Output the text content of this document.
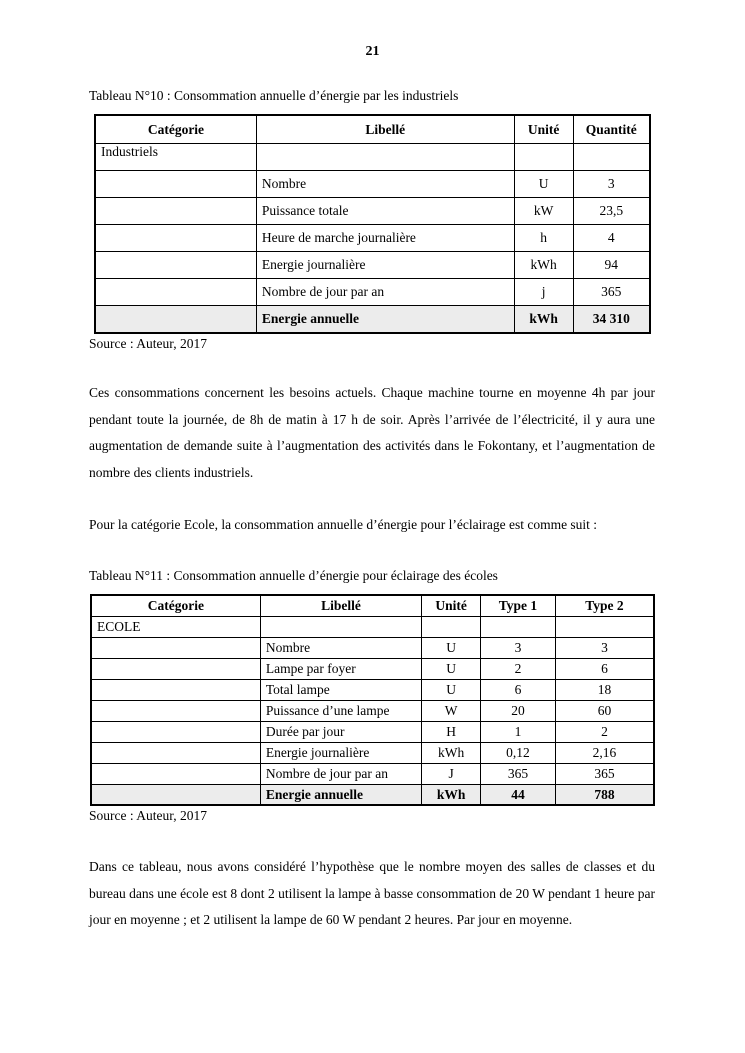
21
Tableau N°10 : Consommation annuelle d’énergie par les industriels
Catégorie	Libellé	Unité	Quantité
Industriels			
	Nombre	U	3
	Puissance totale	kW	23,5
	Heure de marche journalière	h	4
	Energie journalière	kWh	94
	Nombre de jour par an	j	365
	Energie annuelle	kWh	34 310
Source : Auteur, 2017

Ces consommations concernent les besoins actuels. Chaque machine tourne en moyenne 4h par jour pendant toute la journée, de 8h de matin à 17 h de soir. Après l’arrivée de l’électricité, il y aura une augmentation de demande suite à l’augmentation des activités dans le Fokontany, et l’augmentation de nombre des clients industriels.

Pour la catégorie Ecole, la consommation annuelle d’énergie pour l’éclairage est comme suit :

Tableau N°11 : Consommation annuelle d’énergie pour éclairage des écoles
Catégorie	Libellé	Unité	Type 1	Type 2
ECOLE				
	Nombre	U	3	3
	Lampe par foyer	U	2	6
	Total lampe	U	6	18
	Puissance d’une lampe	W	20	60
	Durée par jour	H	1	2
	Energie journalière	kWh	0,12	2,16
	Nombre de jour par an	J	365	365
	Energie annuelle	kWh	44	788
Source : Auteur, 2017

Dans ce tableau, nous avons considéré l’hypothèse que le nombre moyen des salles de classes et du bureau dans une école est 8 dont 2 utilisent la lampe à basse consommation de 20 W pendant 1 heure par jour en moyenne ; et 2 utilisent la lampe de 60 W pendant 2 heures. Par jour en moyenne.
